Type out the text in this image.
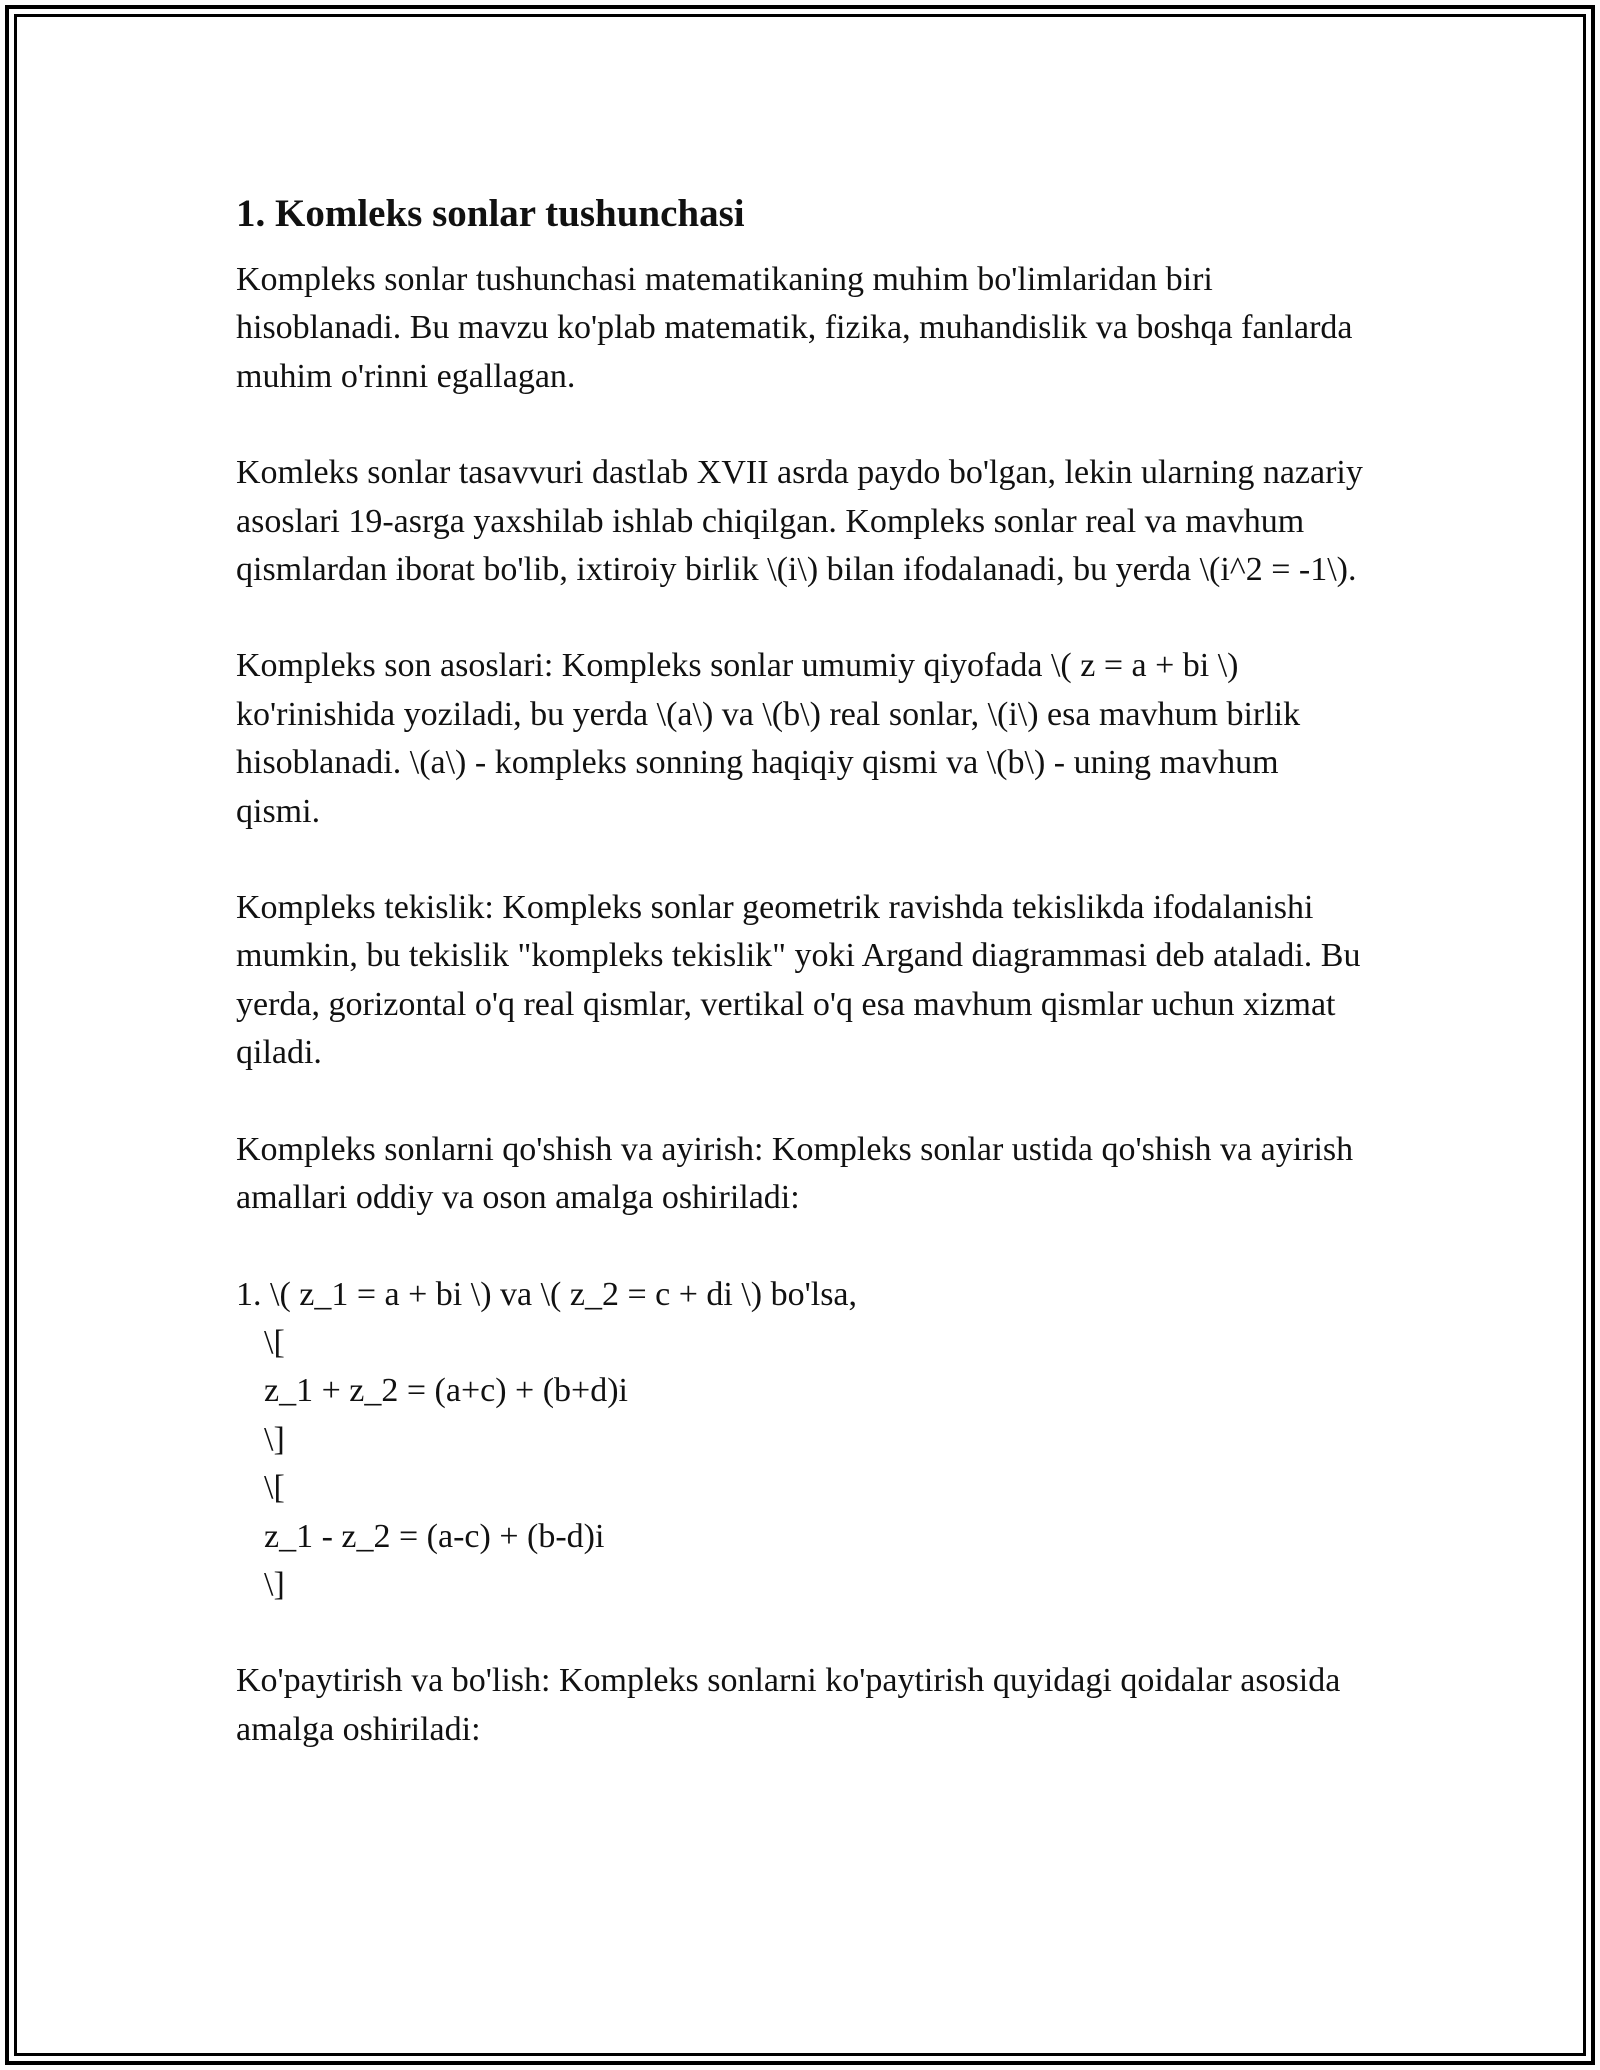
1. Komleks sonlar tushunchasi

Kompleks sonlar tushunchasi matematikaning muhim bo'limlaridan biri hisoblanadi. Bu mavzu ko'plab matematik, fizika, muhandislik va boshqa fanlarda muhim o'rinni egallagan.

Komleks sonlar tasavvuri dastlab XVII asrda paydo bo'lgan, lekin ularning nazariy asoslari 19-asrga yaxshilab ishlab chiqilgan. Kompleks sonlar real va mavhum qismlardan iborat bo'lib, ixtiroiy birlik \(i\) bilan ifodalanadi, bu yerda \(i^2 = -1\).

Kompleks son asoslari: Kompleks sonlar umumiy qiyofada \( z = a + bi \) ko'rinishida yoziladi, bu yerda \(a\) va \(b\) real sonlar, \(i\) esa mavhum birlik hisoblanadi. \(a\) - kompleks sonning haqiqiy qismi va \(b\) - uning mavhum qismi.

Kompleks tekislik: Kompleks sonlar geometrik ravishda tekislikda ifodalanishi mumkin, bu tekislik "kompleks tekislik" yoki Argand diagrammasi deb ataladi. Bu yerda, gorizontal o'q real qismlar, vertikal o'q esa mavhum qismlar uchun xizmat qiladi.

Kompleks sonlarni qo'shish va ayirish: Kompleks sonlar ustida qo'shish va ayirish amallari oddiy va oson amalga oshiriladi:

1. \( z_1 = a + bi \) va \( z_2 = c + di \) bo'lsa,
\[
z_1 + z_2 = (a+c) + (b+d)i
\]
\[
z_1 - z_2 = (a-c) + (b-d)i
\]

Ko'paytirish va bo'lish: Kompleks sonlarni ko'paytirish quyidagi qoidalar asosida amalga oshiriladi:
